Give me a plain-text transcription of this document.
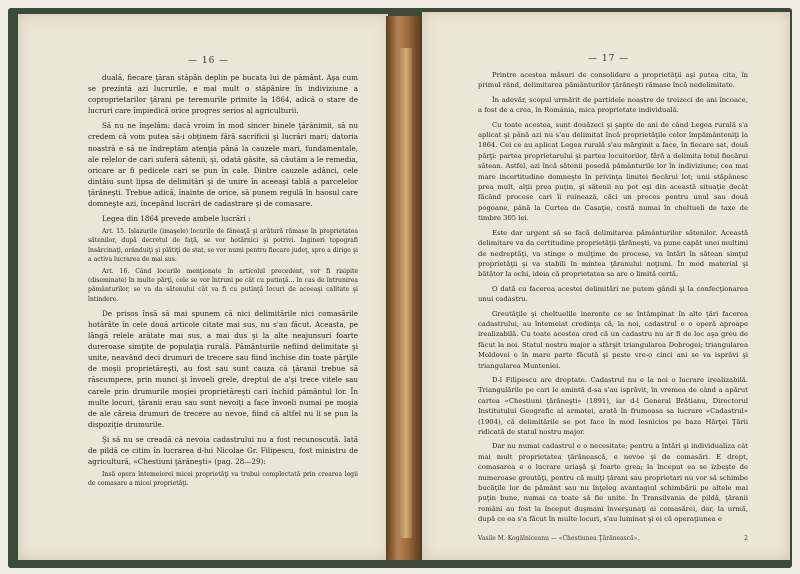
— 16 —

duală, fiecare ţăran stăpân deplin pe bucata lui de pământ. Aşa cum se prezintă azi lucrurile, e mai mult o stăpânire în indiviziune a coproprietarilor ţărani pe teremurile primite la 1864, adică o stare de lucruri care împiedică orice progres serios al agriculturii.

Să nu ne înşelăm: dacă vroim în mod sincer binele ţărănimii, să nu credem că vom putea să-i obţinem fără sacrificii şi lucrări mari; datoria noastră e să ne îndreptăm atenţia până la cauzele mari, fundamentale, ale relelor de cari suferă sătenii, şi, odată găsite, să căutăm a le remedia, oricare ar fi pedicele cari se pun în cale. Dintre cauzele adânci, cele dintâiu sunt lipsa de delimitări şi de unire în aceeaşi tablă a parcelelor ţărăneşti. Trebue adică, înainte de orice, să punem regulă în haosul care domneşte azi, începând lucrări de cadastrare şi de comasare.

Legea din 1864 prevede ambele lucrări :

Art. 15. Islazurile (imaşele) locurile de fâneaţă şi arătură rămase în proprietatea sătenilor, după decretul de faţă, se vor hotărnici şi potrivi. Ingineri topografi însărcinaţi, orânduiţi şi plătiţi de stat, se vor numi pentru fiecare judeţ, spre a dirige şi a activa lucrarea de mai sus.

Art. 16. Când locurile menţionate în articolul precedent, vor fi risipite (diseminate) în multe părţi, cele se vor întruni pe cât cu putinţă... în cas de întrunirea pământurilor, se va da sătenului cât va fi cu putinţă locuri de aceeaşi calitate şi întindere.

De prisos însă să mai spunem că nici delimitările nici comasările hotărâte în cele două articole citate mai sus, nu s'au făcut. Aceasta, pe lângă relele arătate mai sus, a mai dus şi la alte neajunsuri foarte dureroase simţite de populaţia rurală. Pământurile nefiind delimitate şi unite, neavând deci drumuri de trecere sau fiind închise din toate părţile de moşii proprietăreşti, au fost sau sunt cauza că ţăranii trebue să răscumpere, prin munci şi învoeli grele, dreptul de a'şi trece vitele sau carele prin drumurile moşiei proprietăreşti cari închid pământul lor. În multe locuri, ţăranii erau sau sunt nevoiţi a face învoeli numai pe moşia de ale căreia drumuri de trecere au nevoe, fiind că altfel nu li se pun la dispoziţie drumurile.

Şi să nu se creadă că nevoia cadastrului nu a fost recunoscută. Iată de pildă ce citim în lucrarea d-lui Nicolae Gr. Filipescu, fost ministru de agricultură, «Chestiuni ţărăneşti» (pag. 28—29):

Insă opera întemeierei micei proprietăţi va trebui complectată prin crearea legii de comasare a micei proprietăţi.

— 17 —

Printre acestea măsuri de consolidare a proprietăţii aşi putea cita, în primul rând, delimitarea pământurilor ţărăneşti rămase încă nedelimitate.

În adevăr, scopul urmărit de partidele noastre de treizeci de ani încoace, a fost de a crea, în România, mica proprietate individuală.

Cu toate acestea, sunt douăzeci şi şapte de ani de când Legea rurală s'a aplicat şi până azi nu s'au delimitat încă proprietăţile celor împământeniţi la 1864. Cei ce au aplicat Legea rurală s'au mărginit a face, în fiecare sat, două părţi: partea proprietarului şi partea locuitorilor, fără a delimita lotul fiecărui sătean. Astfel, azi încă sătenii posedă pământurile lor în indiviziune; cea mai mare incertitudine domneşte în privinţa limitei fiecărui lot; unii stăpânesc prea mult, alţii prea puţin, şi sătenii nu pot eşi din această situaţie decât făcând procese cari îi ruinează, căci un proces pentru unul sau două pogoane, până la Curtea de Casaţie, costă numai în cheltueli de taxe de timbre 305 lei.

Este dar urgent să se facă delimitarea pământurilor sătenilor. Această delimitare va da certitudine proprietăţii ţărăneşti, va pune capăt unei multimi de nedreptăţi, va stinge o mulţime de procese, va întări în sătean simţul proprietăţii şi va stabili în mintea ţăranului noţiuni. În mod material şi bătător la ochi, ideia că proprietatea sa are o limită certă.

O dată cu facerea acestei delimitări ne putem gândi şi la confecţionarea unui cadastru.

Greutăţile şi cheltuelile inerente ce se întâmpinat în alte ţări facerea cadastrului, au întemeiat credinţa că, la noi, cadastrul e o operă aproape irealizabilă. Cu toate acestea cred că un cadastru nu ar fi de loc aşa greu de făcut la noi. Statul nostru major a sfârşit triangularea Dobrogei; triangularea Moldovei e în mare parte făcută şi peste vre-o cinci ani se va isprăvi şi triangularea Munteniei.

D-l Filipescu are dreptate. Cadastrul nu e la noi o lucrare irealizabilă. Triangulările pe cari le amintă d-sa s'au isprăvit, în vremea de când a apărut cartea «Chestiuni ţărăneşti» (1891), iar d-l General Brătianu, Directorul Institutului Geografic al armatei, arată în frumoasa sa lucrare «Cadastrul» (1904), că delimitările se pot face în mod lesnicios pe baza Hărţei Ţării ridicată de statul nostru major.

Dar nu numai cadastrul e o necesitate; pentru a întări şi individualiza cât mai mult proprietatea ţărănească, e nevoe şi de comasări. E drept, comasarea e o lucrare uriaşă şi foarte grea; la început ea se izbeşte de numeroase greutăţi, pentru că mulţi ţărani sau proprietari nu vor să schimbe bucăţile lor de pământ sau nu înţeleg avantagiul schimbării pe altele mai puţin bune, numai ca toate să fie unite. În Transilvania de pildă, ţăranii români au fost la început duşmani înverşunaţi ai comasărei, dar, la urmă, după ce ea s'a făcut în multe locuri, s'au luminat şi ei că operaţiunea e

Vasile M. Kogălniceanu — «Chestiunea Ţărănească».	2
